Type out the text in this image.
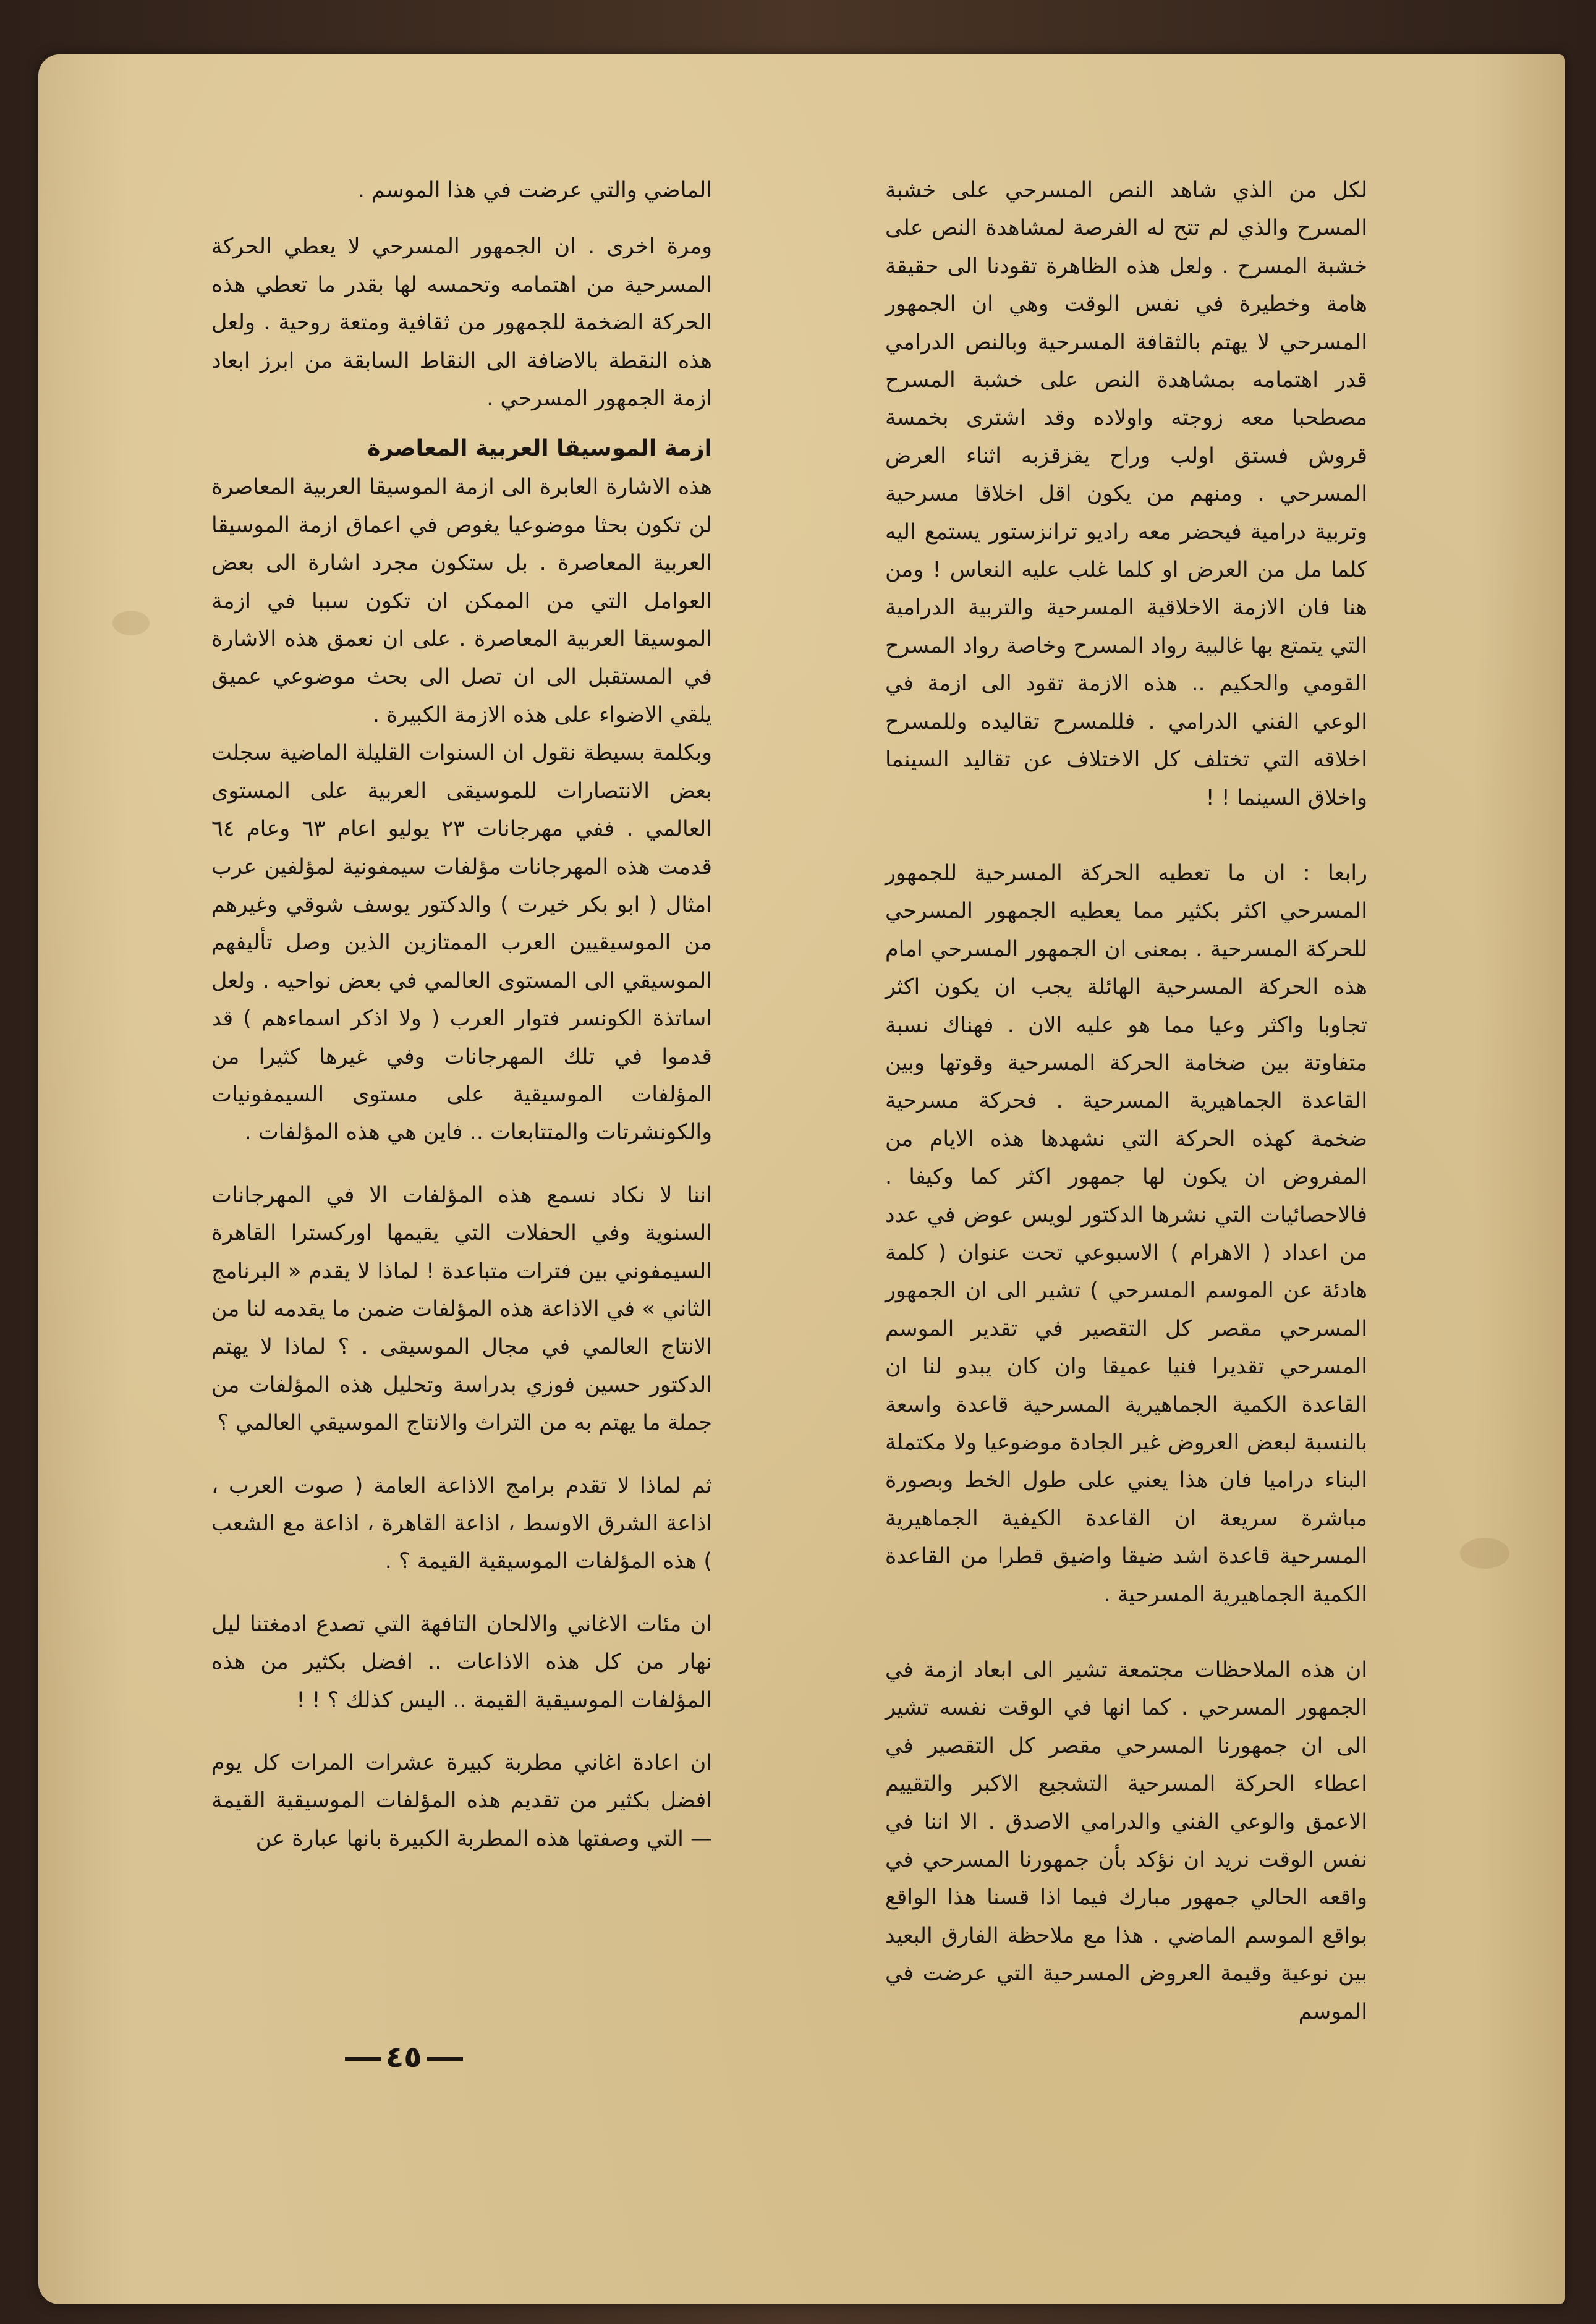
لكل من الذي شاهد النص المسرحي على خشبة المسرح والذي لم تتح له الفرصة لمشاهدة النص على خشبة المسرح . ولعل هذه الظاهرة تقودنا الى حقيقة هامة وخطيرة في نفس الوقت وهي ان الجمهور المسرحي لا يهتم بالثقافة المسرحية وبالنص الدرامي قدر اهتمامه بمشاهدة النص على خشبة المسرح مصطحبا معه زوجته واولاده وقد اشترى بخمسة قروش فستق اولب وراح يقزقزبه اثناء العرض المسرحي . ومنهم من يكون اقل اخلاقا مسرحية وتربية درامية فيحضر معه راديو ترانزستور يستمع اليه كلما مل من العرض او كلما غلب عليه النعاس ! ومن هنا فان الازمة الاخلاقية المسرحية والتربية الدرامية التي يتمتع بها غالبية رواد المسرح وخاصة رواد المسرح القومي والحكيم .. هذه الازمة تقود الى ازمة في الوعي الفني الدرامي . فللمسرح تقاليده وللمسرح اخلاقه التي تختلف كل الاختلاف عن تقاليد السينما واخلاق السينما ! !

رابعا : ان ما تعطيه الحركة المسرحية للجمهور المسرحي اكثر بكثير مما يعطيه الجمهور المسرحي للحركة المسرحية . بمعنى ان الجمهور المسرحي امام هذه الحركة المسرحية الهائلة يجب ان يكون اكثر تجاوبا واكثر وعيا مما هو عليه الان . فهناك نسبة متفاوتة بين ضخامة الحركة المسرحية وقوتها وبين القاعدة الجماهيرية المسرحية . فحركة مسرحية ضخمة كهذه الحركة التي نشهدها هذه الايام من المفروض ان يكون لها جمهور اكثر كما وكيفا . فالاحصائيات التي نشرها الدكتور لويس عوض في عدد من اعداد ( الاهرام ) الاسبوعي تحت عنوان ( كلمة هادئة عن الموسم المسرحي ) تشير الى ان الجمهور المسرحي مقصر كل التقصير في تقدير الموسم المسرحي تقديرا فنيا عميقا وان كان يبدو لنا ان القاعدة الكمية الجماهيرية المسرحية قاعدة واسعة بالنسبة لبعض العروض غير الجادة موضوعيا ولا مكتملة البناء دراميا فان هذا يعني على طول الخط وبصورة مباشرة سريعة ان القاعدة الكيفية الجماهيرية المسرحية قاعدة اشد ضيقا واضيق قطرا من القاعدة الكمية الجماهيرية المسرحية .

ان هذه الملاحظات مجتمعة تشير الى ابعاد ازمة في الجمهور المسرحي . كما انها في الوقت نفسه تشير الى ان جمهورنا المسرحي مقصر كل التقصير في اعطاء الحركة المسرحية التشجيع الاكبر والتقييم الاعمق والوعي الفني والدرامي الاصدق . الا اننا في نفس الوقت نريد ان نؤكد بأن جمهورنا المسرحي في واقعه الحالي جمهور مبارك فيما اذا قسنا هذا الواقع بواقع الموسم الماضي . هذا مع ملاحظة الفارق البعيد بين نوعية وقيمة العروض المسرحية التي عرضت في الموسم

الماضي والتي عرضت في هذا الموسم .

ومرة اخرى . ان الجمهور المسرحي لا يعطي الحركة المسرحية من اهتمامه وتحمسه لها بقدر ما تعطي هذه الحركة الضخمة للجمهور من ثقافية ومتعة روحية . ولعل هذه النقطة بالاضافة الى النقاط السابقة من ابرز ابعاد ازمة الجمهور المسرحي .

ازمة الموسيقا العربية المعاصرة

هذه الاشارة العابرة الى ازمة الموسيقا العربية المعاصرة لن تكون بحثا موضوعيا يغوص في اعماق ازمة الموسيقا العربية المعاصرة . بل ستكون مجرد اشارة الى بعض العوامل التي من الممكن ان تكون سببا في ازمة الموسيقا العربية المعاصرة . على ان نعمق هذه الاشارة في المستقبل الى ان تصل الى بحث موضوعي عميق يلقي الاضواء على هذه الازمة الكبيرة .

وبكلمة بسيطة نقول ان السنوات القليلة الماضية سجلت بعض الانتصارات للموسيقى العربية على المستوى العالمي . ففي مهرجانات ٢٣ يوليو اعام ٦٣ وعام ٦٤ قدمت هذه المهرجانات مؤلفات سيمفونية لمؤلفين عرب امثال ( ابو بكر خيرت ) والدكتور يوسف شوقي وغيرهم من الموسيقيين العرب الممتازين الذين وصل تأليفهم الموسيقي الى المستوى العالمي في بعض نواحيه . ولعل اساتذة الكونسر فتوار العرب ( ولا اذكر اسماءهم ) قد قدموا في تلك المهرجانات وفي غيرها كثيرا من المؤلفات الموسيقية على مستوى السيمفونيات والكونشرتات والمتتابعات .. فاين هي هذه المؤلفات .

اننا لا نكاد نسمع هذه المؤلفات الا في المهرجانات السنوية وفي الحفلات التي يقيمها اوركسترا القاهرة السيمفوني بين فترات متباعدة ! لماذا لا يقدم « البرنامج الثاني » في الاذاعة هذه المؤلفات ضمن ما يقدمه لنا من الانتاج العالمي في مجال الموسيقى . ؟ لماذا لا يهتم الدكتور حسين فوزي بدراسة وتحليل هذه المؤلفات من جملة ما يهتم به من التراث والانتاج الموسيقي العالمي ؟

ثم لماذا لا تقدم برامج الاذاعة العامة ( صوت العرب ، اذاعة الشرق الاوسط ، اذاعة القاهرة ، اذاعة مع الشعب ) هذه المؤلفات الموسيقية القيمة ؟ .

ان مئات الاغاني والالحان التافهة التي تصدع ادمغتنا ليل نهار من كل هذه الاذاعات .. افضل بكثير من هذه المؤلفات الموسيقية القيمة .. اليس كذلك ؟ ! !

ان اعادة اغاني مطربة كبيرة عشرات المرات كل يوم افضل بكثير من تقديم هذه المؤلفات الموسيقية القيمة — التي وصفتها هذه المطربة الكبيرة بانها عبارة عن

٤٥
